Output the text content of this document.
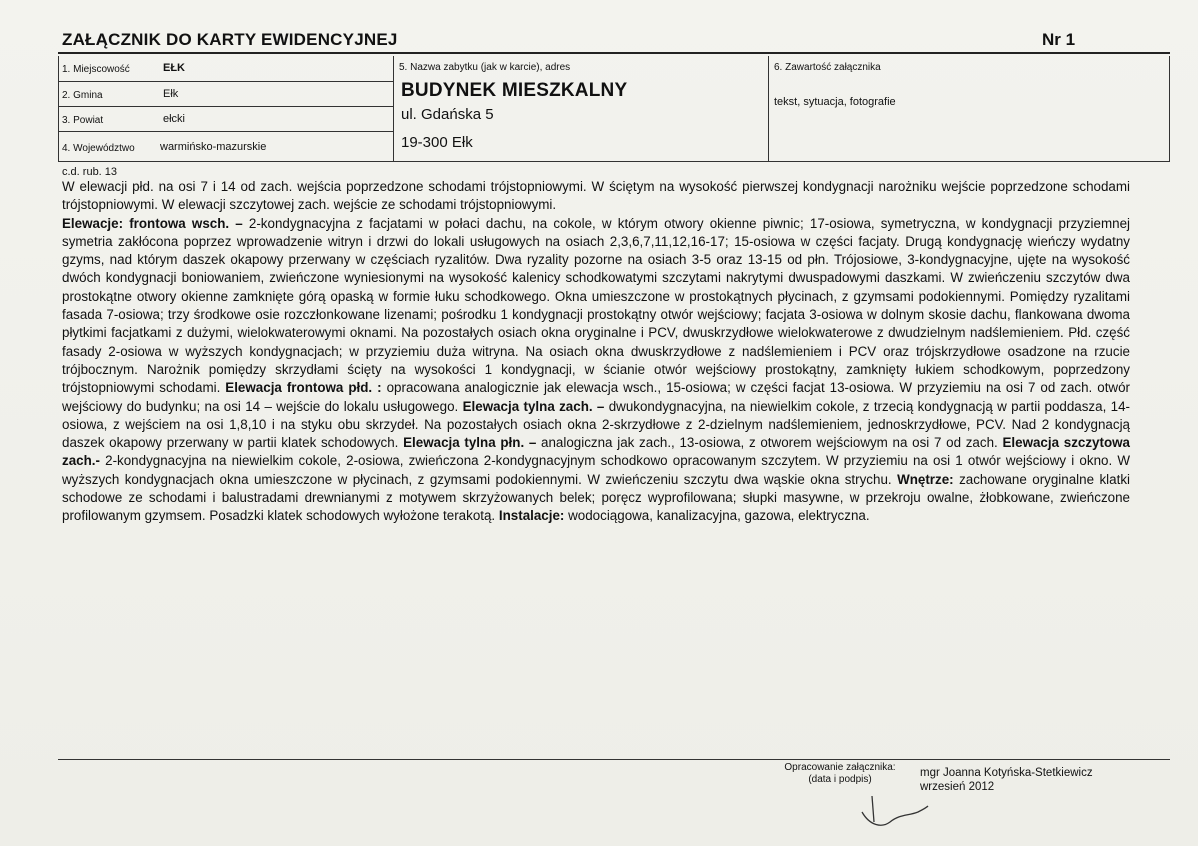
ZAŁĄCZNIK DO KARTY EWIDENCYJNEJ	Nr 1
1. Miejscowość	EŁK
2. Gmina	Ełk
3. Powiat	ełcki
4. Województwo warmińsko-mazurskie
5. Nazwa zabytku (jak w karcie), adres
BUDYNEK MIESZKALNY
ul. Gdańska 5
19-300 Ełk
6. Zawartość załącznika
tekst, sytuacja, fotografie
c.d. rub. 13
W elewacji płd. na osi 7 i 14 od zach. wejścia poprzedzone schodami trójstopniowymi. W ściętym na wysokość pierwszej kondygnacji narożniku wejście poprzedzone schodami trójstopniowymi. W elewacji szczytowej zach. wejście ze schodami trójstopniowymi.
Elewacje: frontowa wsch. – 2-kondygnacyjna z facjatami w połaci dachu, na cokole, w którym otwory okienne piwnic; 17-osiowa, symetryczna, w kondygnacji przyziemnej symetria zakłócona poprzez wprowadzenie witryn i drzwi do lokali usługowych na osiach 2,3,6,7,11,12,16-17; 15-osiowa w części facjaty. Drugą kondygnację wieńczy wydatny gzyms, nad którym daszek okapowy przerwany w częściach ryzalitów. Dwa ryzality pozorne na osiach 3-5 oraz 13-15 od płn. Trójosiowe, 3-kondygnacyjne, ujęte na wysokość dwóch kondygnacji boniowaniem, zwieńczone wyniesionymi na wysokość kalenicy schodkowatymi szczytami nakrytymi dwuspadowymi daszkami. W zwieńczeniu szczytów dwa prostokątne otwory okienne zamknięte górą opaską w formie łuku schodkowego. Okna umieszczone w prostokątnych płycinach, z gzymsami podokiennymi. Pomiędzy ryzalitami fasada 7-osiowa; trzy środkowe osie rozczłonkowane lizenami; pośrodku 1 kondygnacji prostokątny otwór wejściowy; facjata 3-osiowa w dolnym skosie dachu, flankowana dwoma płytkimi facjatkami z dużymi, wielokwaterowymi oknami. Na pozostałych osiach okna oryginalne i PCV, dwuskrzydłowe wielokwaterowe z dwudzielnym nadślemieniem. Płd. część fasady 2-osiowa w wyższych kondygnacjach; w przyziemiu duża witryna. Na osiach okna dwuskrzydłowe z nadślemieniem i PCV oraz trójskrzydłowe osadzone na rzucie trójbocznym. Narożnik pomiędzy skrzydłami ścięty na wysokości 1 kondygnacji, w ścianie otwór wejściowy prostokątny, zamknięty łukiem schodkowym, poprzedzony trójstopniowymi schodami. Elewacja frontowa płd. : opracowana analogicznie jak elewacja wsch., 15-osiowa; w części facjat 13-osiowa. W przyziemiu na osi 7 od zach. otwór wejściowy do budynku; na osi 14 – wejście do lokalu usługowego. Elewacja tylna zach. – dwukondygnacyjna, na niewielkim cokole, z trzecią kondygnacją w partii poddasza, 14-osiowa, z wejściem na osi 1,8,10 i na styku obu skrzydeł. Na pozostałych osiach okna 2-skrzydłowe z 2-dzielnym nadślemieniem, jednoskrzydłowe, PCV. Nad 2 kondygnacją daszek okapowy przerwany w partii klatek schodowych. Elewacja tylna płn. – analogiczna jak zach., 13-osiowa, z otworem wejściowym na osi 7 od zach. Elewacja szczytowa zach.- 2-kondygnacyjna na niewielkim cokole, 2-osiowa, zwieńczona 2-kondygnacyjnym schodkowo opracowanym szczytem. W przyziemiu na osi 1 otwór wejściowy i okno. W wyższych kondygnacjach okna umieszczone w płycinach, z gzymsami podokiennymi. W zwieńczeniu szczytu dwa wąskie okna strychu. Wnętrze: zachowane oryginalne klatki schodowe ze schodami i balustradami drewnianymi z motywem skrzyżowanych belek; poręcz wyprofilowana; słupki masywne, w przekroju owalne, żłobkowane, zwieńczone profilowanym gzymsem. Posadzki klatek schodowych wyłożone terakotą. Instalacje: wodociągowa, kanalizacyjna, gazowa, elektryczna.
Opracowanie załącznika:
(data i podpis)
mgr Joanna Kotyńska-Stetkiewicz
wrzesień 2012
